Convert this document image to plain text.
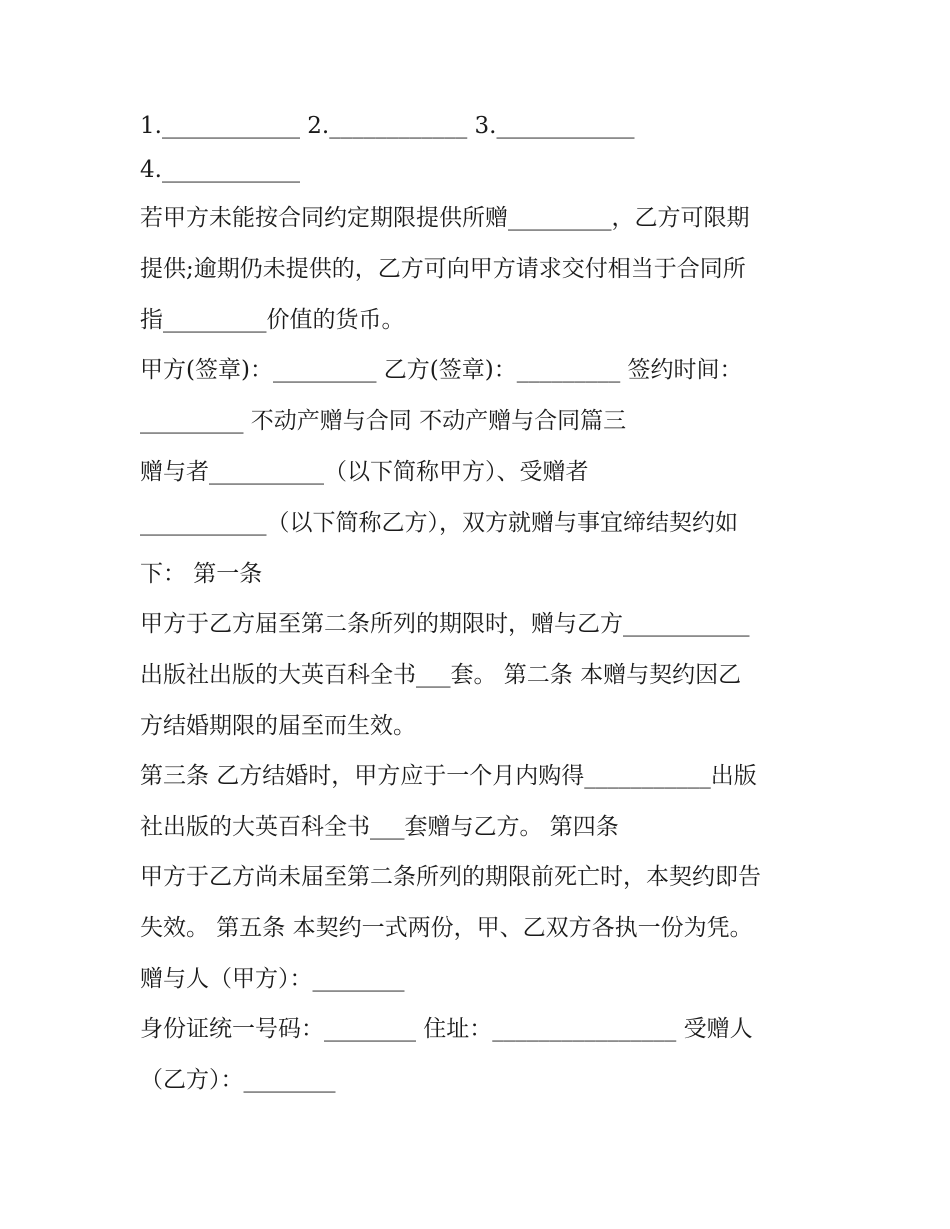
1.____________ 2.____________ 3.____________
4.____________
若甲方未能按合同约定期限提供所赠_________，乙方可限期
提供;逾期仍未提供的，乙方可向甲方请求交付相当于合同所
指_________价值的货币。
甲方(签章)：_________ 乙方(签章)：_________ 签约时间：
_________ 不动产赠与合同 不动产赠与合同篇三
赠与者__________（以下简称甲方）、受赠者
___________（以下简称乙方），双方就赠与事宜缔结契约如
下： 第一条
甲方于乙方届至第二条所列的期限时，赠与乙方___________
出版社出版的大英百科全书___套。 第二条 本赠与契约因乙
方结婚期限的届至而生效。
第三条 乙方结婚时，甲方应于一个月内购得___________出版
社出版的大英百科全书___套赠与乙方。 第四条
甲方于乙方尚未届至第二条所列的期限前死亡时，本契约即告
失效。 第五条 本契约一式两份，甲、乙双方各执一份为凭。
赠与人（甲方）：________
身份证统一号码：________ 住址：________________ 受赠人
（乙方）：________
